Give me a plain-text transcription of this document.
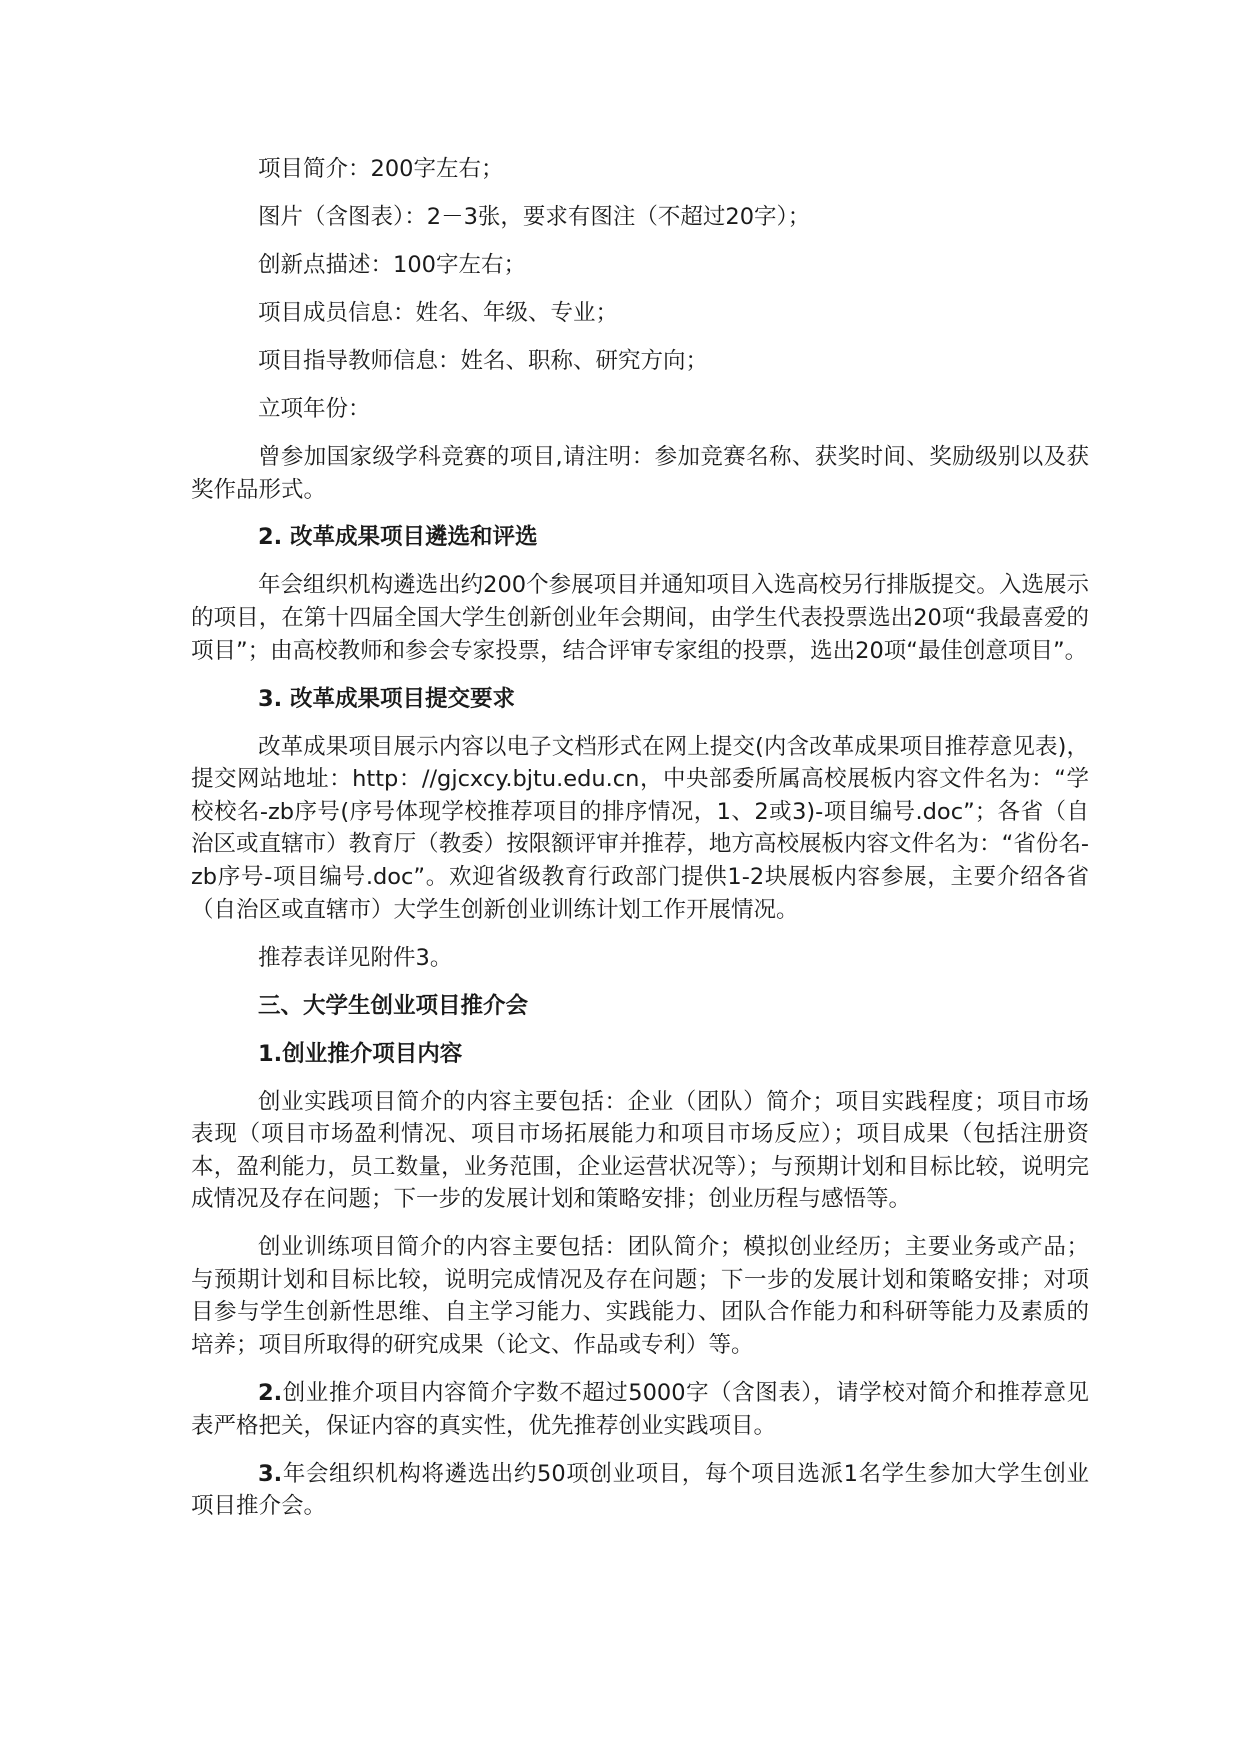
项目简介：200字左右；

图片（含图表）：2－3张，要求有图注（不超过20字）；

创新点描述：100字左右；

项目成员信息：姓名、年级、专业；

项目指导教师信息：姓名、职称、研究方向；

立项年份：

曾参加国家级学科竞赛的项目,请注明：参加竞赛名称、获奖时间、奖励级别以及获奖作品形式。

2. 改革成果项目遴选和评选

年会组织机构遴选出约200个参展项目并通知项目入选高校另行排版提交。入选展示的项目，在第十四届全国大学生创新创业年会期间，由学生代表投票选出20项“我最喜爱的项目”；由高校教师和参会专家投票，结合评审专家组的投票，选出20项“最佳创意项目”。

3. 改革成果项目提交要求

改革成果项目展示内容以电子文档形式在网上提交(内含改革成果项目推荐意见表)，提交网站地址：http：//gjcxcy.bjtu.edu.cn，中央部委所属高校展板内容文件名为：“学校校名-zb序号(序号体现学校推荐项目的排序情况，1、2或3)-项目编号.doc”；各省（自治区或直辖市）教育厅（教委）按限额评审并推荐，地方高校展板内容文件名为：“省份名-zb序号-项目编号.doc”。欢迎省级教育行政部门提供1-2块展板内容参展，主要介绍各省（自治区或直辖市）大学生创新创业训练计划工作开展情况。

推荐表详见附件3。

三、大学生创业项目推介会

1.创业推介项目内容

创业实践项目简介的内容主要包括：企业（团队）简介；项目实践程度；项目市场表现（项目市场盈利情况、项目市场拓展能力和项目市场反应）；项目成果（包括注册资本，盈利能力，员工数量，业务范围，企业运营状况等）；与预期计划和目标比较，说明完成情况及存在问题；下一步的发展计划和策略安排；创业历程与感悟等。

创业训练项目简介的内容主要包括：团队简介；模拟创业经历；主要业务或产品；与预期计划和目标比较，说明完成情况及存在问题；下一步的发展计划和策略安排；对项目参与学生创新性思维、自主学习能力、实践能力、团队合作能力和科研等能力及素质的培养；项目所取得的研究成果（论文、作品或专利）等。

2.创业推介项目内容简介字数不超过5000字（含图表），请学校对简介和推荐意见表严格把关，保证内容的真实性，优先推荐创业实践项目。

3.年会组织机构将遴选出约50项创业项目，每个项目选派1名学生参加大学生创业项目推介会。
